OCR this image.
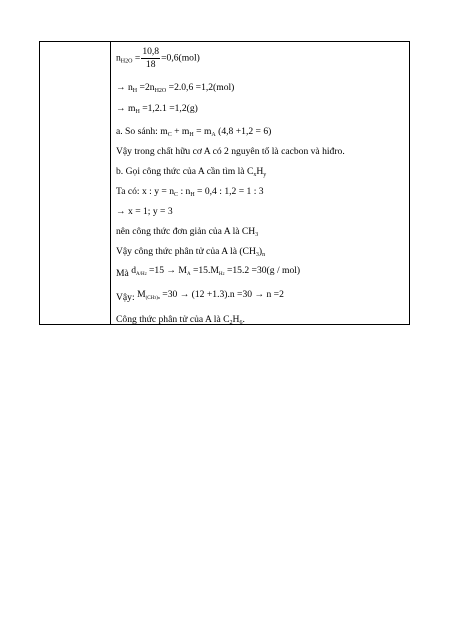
$n_{H2O} = \frac{10,8}{18} =0,6(mol)$
→ $n_H =2n_{H2O} =2.0,6 =1,2(mol)$
→ $m_H =1,2.1 =1,2(g)$
a. So sánh: $m_C + m_H = m_A$ (4,8 +1,2 = 6)
Vậy trong chất hữu cơ A có 2 nguyên tố là cacbon và hiđro.
b. Gọi công thức của A cần tìm là $C_xH_y$
Ta có: x : $y = n_C$ : $n_H = 0,4$ : 1,2 = 1 : 3
→ x = 1; y = 3
nên công thức đơn giản của A là $CH_3$
Vậy công thức phân tử của A là $(CH_3)_n$
Mà $d_{A/H2} =15 \to M_A =15.M_{H2} =15.2 =30(g / mol)$
Vậy: $M_{(CH3)n} =30 \to (12 +1.3).n =30 \to n =2$
Công thức phân tử của A là $C_2H_6$.
